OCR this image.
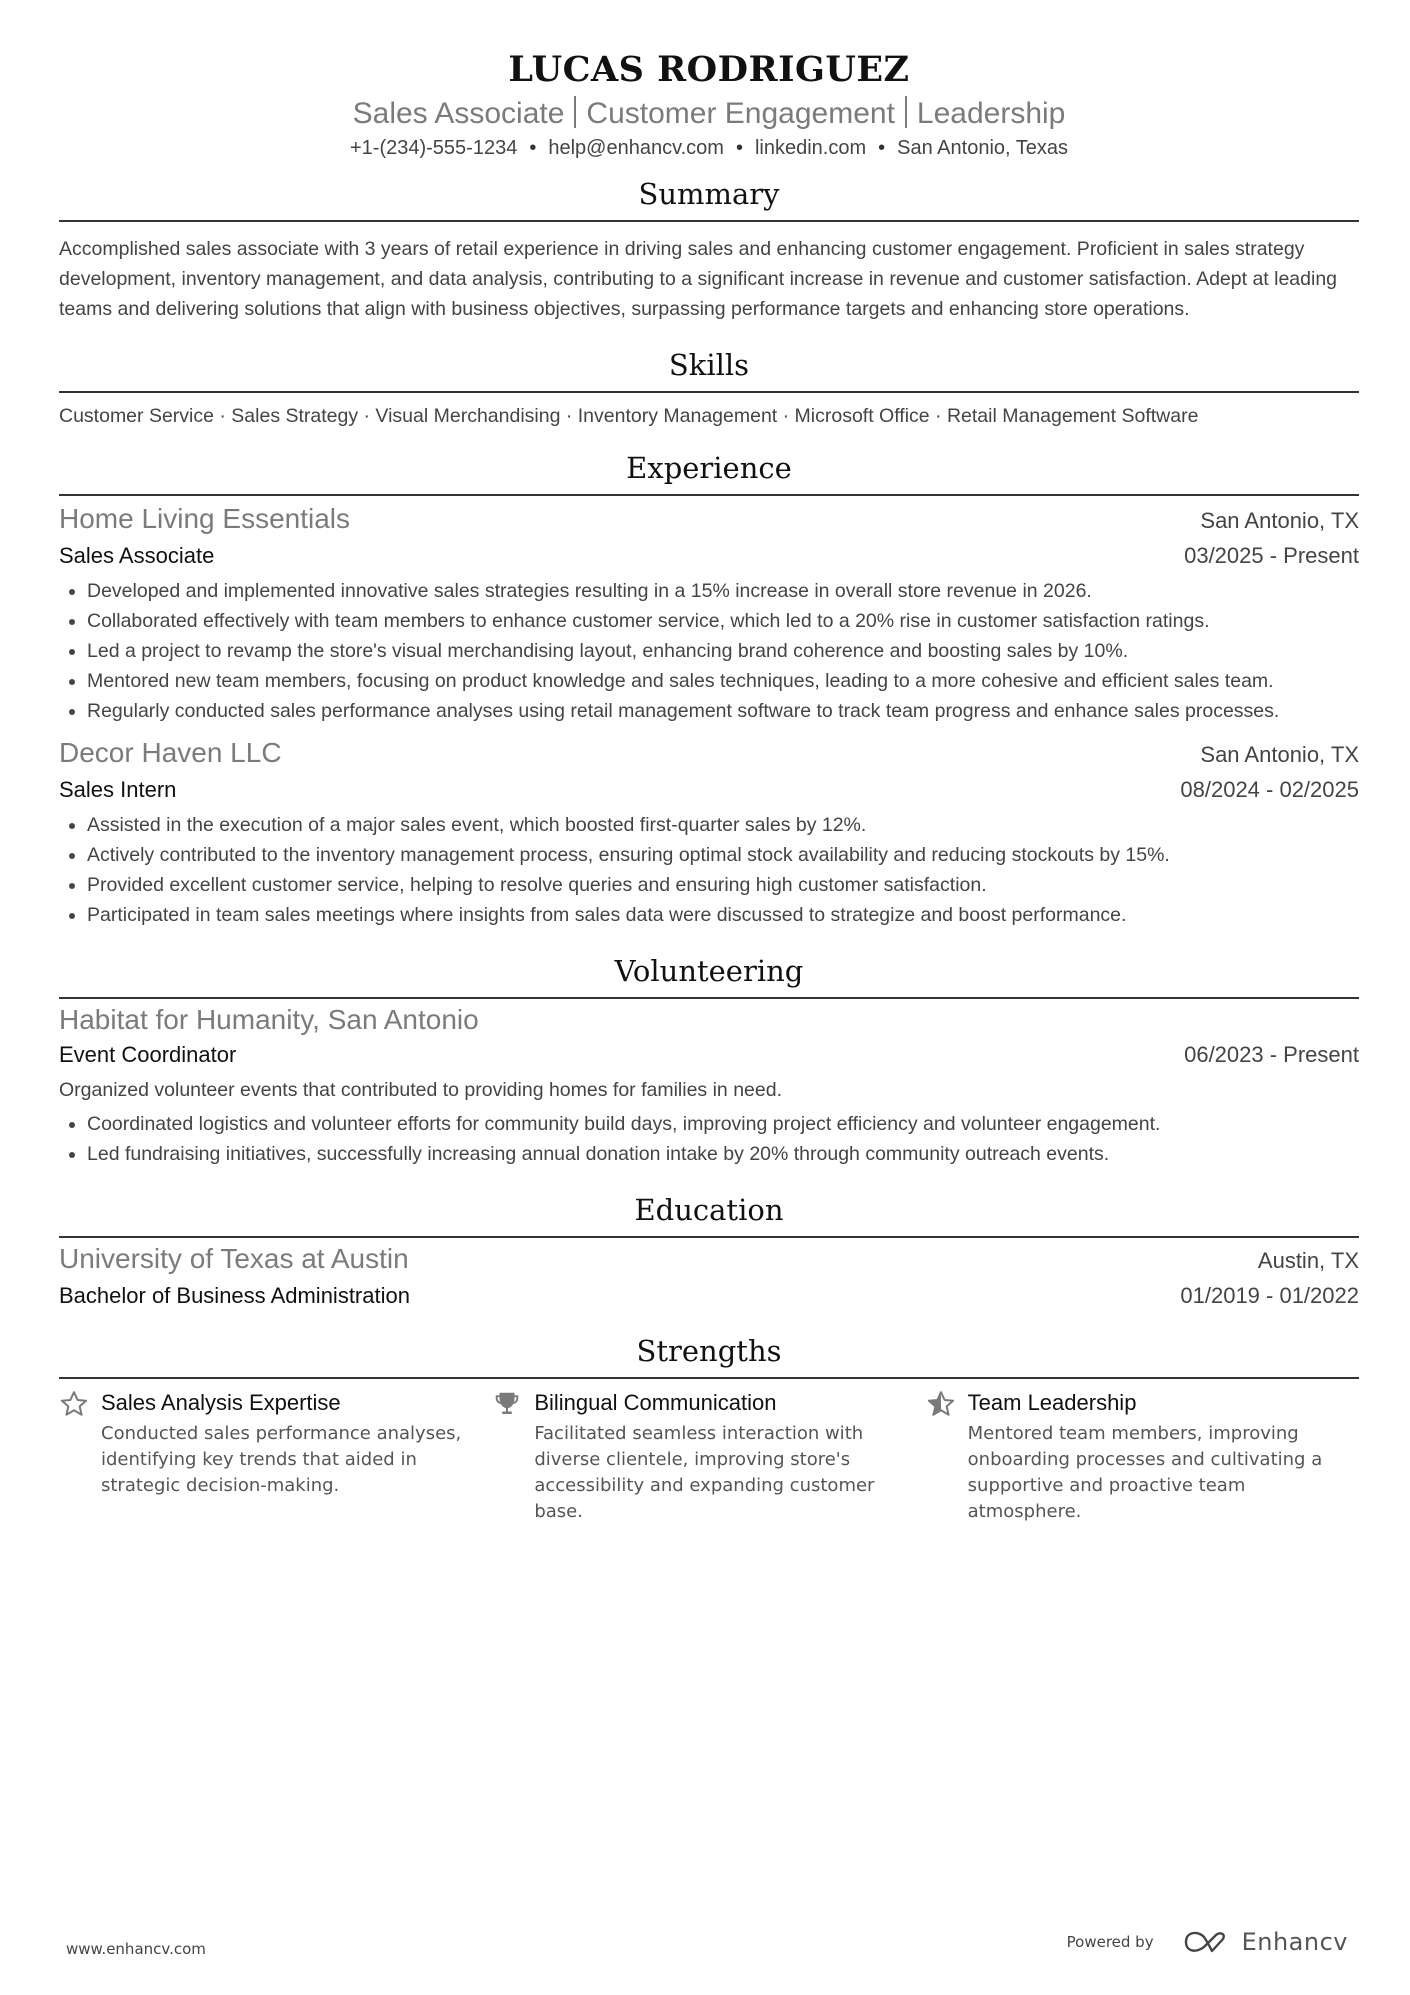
LUCAS RODRIGUEZ
Sales Associate Customer Engagement Leadership
+1-(234)-555-1234 • help@enhancv.com • linkedin.com • San Antonio, Texas
Summary
Accomplished sales associate with 3 years of retail experience in driving sales and enhancing customer engagement. Proficient in sales strategy development, inventory management, and data analysis, contributing to a significant increase in revenue and customer satisfaction. Adept at leading teams and delivering solutions that align with business objectives, surpassing performance targets and enhancing store operations.
Skills
Customer Service · Sales Strategy · Visual Merchandising · Inventory Management · Microsoft Office · Retail Management Software
Experience
Home Living Essentials	San Antonio, TX
Sales Associate	03/2025 - Present
Developed and implemented innovative sales strategies resulting in a 15% increase in overall store revenue in 2026.
Collaborated effectively with team members to enhance customer service, which led to a 20% rise in customer satisfaction ratings.
Led a project to revamp the store's visual merchandising layout, enhancing brand coherence and boosting sales by 10%.
Mentored new team members, focusing on product knowledge and sales techniques, leading to a more cohesive and efficient sales team.
Regularly conducted sales performance analyses using retail management software to track team progress and enhance sales processes.
Decor Haven LLC	San Antonio, TX
Sales Intern	08/2024 - 02/2025
Assisted in the execution of a major sales event, which boosted first-quarter sales by 12%.
Actively contributed to the inventory management process, ensuring optimal stock availability and reducing stockouts by 15%.
Provided excellent customer service, helping to resolve queries and ensuring high customer satisfaction.
Participated in team sales meetings where insights from sales data were discussed to strategize and boost performance.
Volunteering
Habitat for Humanity, San Antonio
Event Coordinator	06/2023 - Present
Organized volunteer events that contributed to providing homes for families in need.
Coordinated logistics and volunteer efforts for community build days, improving project efficiency and volunteer engagement.
Led fundraising initiatives, successfully increasing annual donation intake by 20% through community outreach events.
Education
University of Texas at Austin	Austin, TX
Bachelor of Business Administration	01/2019 - 01/2022
Strengths
Sales Analysis Expertise
Conducted sales performance analyses, identifying key trends that aided in strategic decision-making.
Bilingual Communication
Facilitated seamless interaction with diverse clientele, improving store's accessibility and expanding customer base.
Team Leadership
Mentored team members, improving onboarding processes and cultivating a supportive and proactive team atmosphere.
www.enhancv.com	Powered by	Enhancv
